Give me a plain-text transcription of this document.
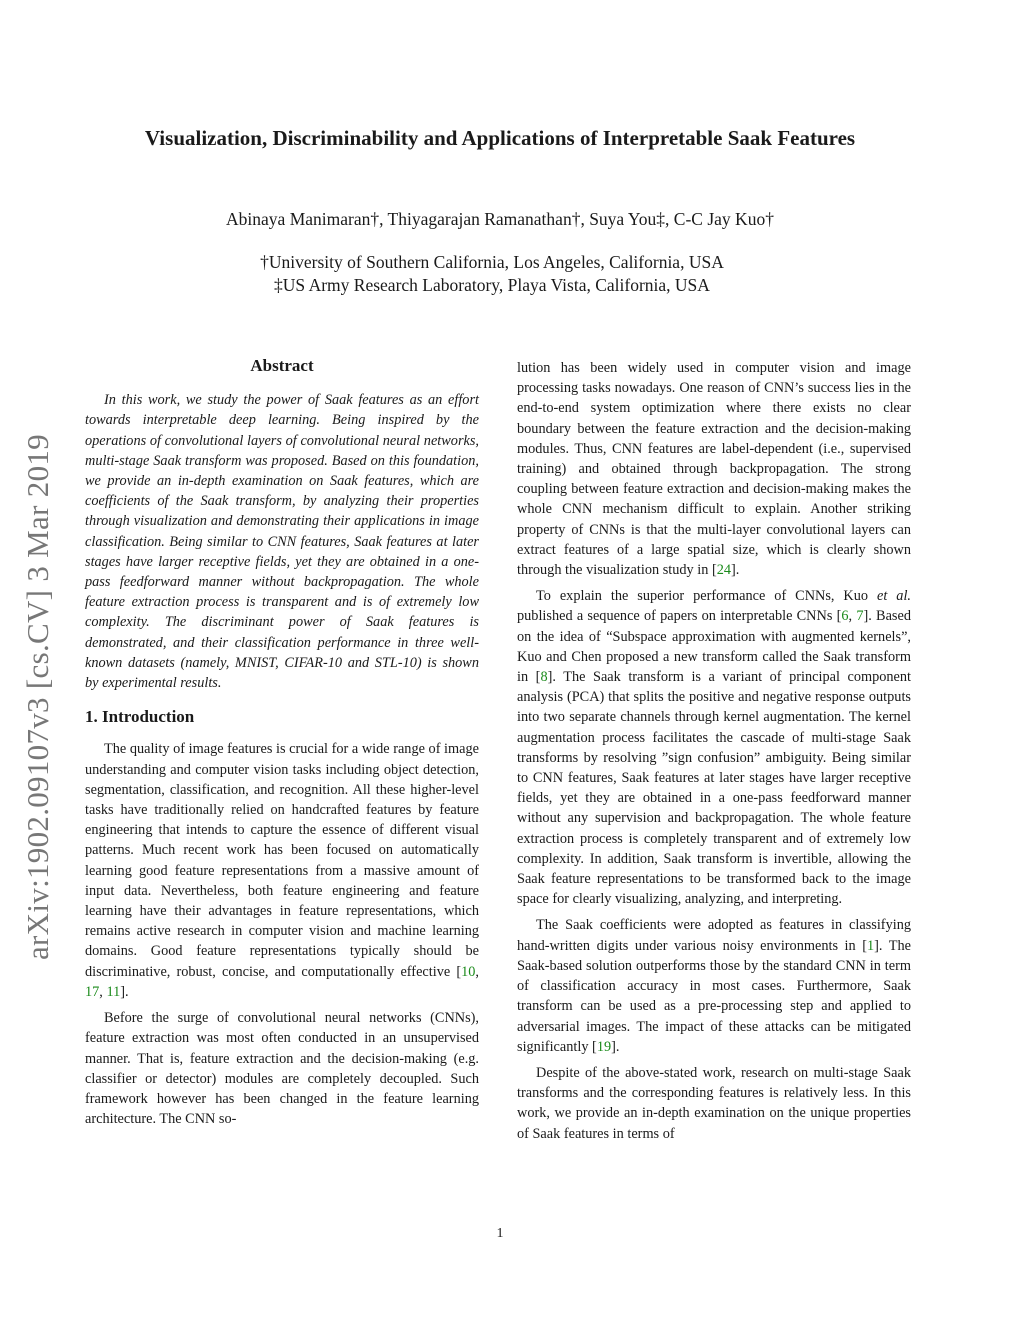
arXiv:1902.09107v3 [cs.CV] 3 Mar 2019
Visualization, Discriminability and Applications of Interpretable Saak Features
Abinaya Manimaran†, Thiyagarajan Ramanathan†, Suya You‡, C-C Jay Kuo†
†University of Southern California, Los Angeles, California, USA
‡US Army Research Laboratory, Playa Vista, California, USA
Abstract

In this work, we study the power of Saak features as an effort towards interpretable deep learning. Being inspired by the operations of convolutional layers of convolutional neural networks, multi-stage Saak transform was proposed. Based on this foundation, we provide an in-depth examination on Saak features, which are coefficients of the Saak transform, by analyzing their properties through visualization and demonstrating their applications in image classification. Being similar to CNN features, Saak features at later stages have larger receptive fields, yet they are obtained in a one-pass feedforward manner without backpropagation. The whole feature extraction process is transparent and is of extremely low complexity. The discriminant power of Saak features is demonstrated, and their classification performance in three well-known datasets (namely, MNIST, CIFAR-10 and STL-10) is shown by experimental results.

1. Introduction

The quality of image features is crucial for a wide range of image understanding and computer vision tasks including object detection, segmentation, classification, and recognition. All these higher-level tasks have traditionally relied on handcrafted features by feature engineering that intends to capture the essence of different visual patterns. Much recent work has been focused on automatically learning good feature representations from a massive amount of input data. Nevertheless, both feature engineering and feature learning have their advantages in feature representations, which remains active research in computer vision and machine learning domains. Good feature representations typically should be discriminative, robust, concise, and computationally effective [10, 17, 11].

Before the surge of convolutional neural networks (CNNs), feature extraction was most often conducted in an unsupervised manner. That is, feature extraction and the decision-making (e.g. classifier or detector) modules are completely decoupled. Such framework however has been changed in the feature learning architecture. The CNN so-

lution has been widely used in computer vision and image processing tasks nowadays. One reason of CNN’s success lies in the end-to-end system optimization where there exists no clear boundary between the feature extraction and the decision-making modules. Thus, CNN features are label-dependent (i.e., supervised training) and obtained through backpropagation. The strong coupling between feature extraction and decision-making makes the whole CNN mechanism difficult to explain. Another striking property of CNNs is that the multi-layer convolutional layers can extract features of a large spatial size, which is clearly shown through the visualization study in [24].

To explain the superior performance of CNNs, Kuo et al. published a sequence of papers on interpretable CNNs [6, 7]. Based on the idea of “Subspace approximation with augmented kernels”, Kuo and Chen proposed a new transform called the Saak transform in [8]. The Saak transform is a variant of principal component analysis (PCA) that splits the positive and negative response outputs into two separate channels through kernel augmentation. The kernel augmentation process facilitates the cascade of multi-stage Saak transforms by resolving ”sign confusion” ambiguity. Being similar to CNN features, Saak features at later stages have larger receptive fields, yet they are obtained in a one-pass feedforward manner without any supervision and backpropagation. The whole feature extraction process is completely transparent and of extremely low complexity. In addition, Saak transform is invertible, allowing the Saak feature representations to be transformed back to the image space for clearly visualizing, analyzing, and interpreting.

The Saak coefficients were adopted as features in classifying hand-written digits under various noisy environments in [1]. The Saak-based solution outperforms those by the standard CNN in term of classification accuracy in most cases. Furthermore, Saak transform can be used as a pre-processing step and applied to adversarial images. The impact of these attacks can be mitigated significantly [19].

Despite of the above-stated work, research on multi-stage Saak transforms and the corresponding features is relatively less. In this work, we provide an in-depth examination on the unique properties of Saak features in terms of

1
